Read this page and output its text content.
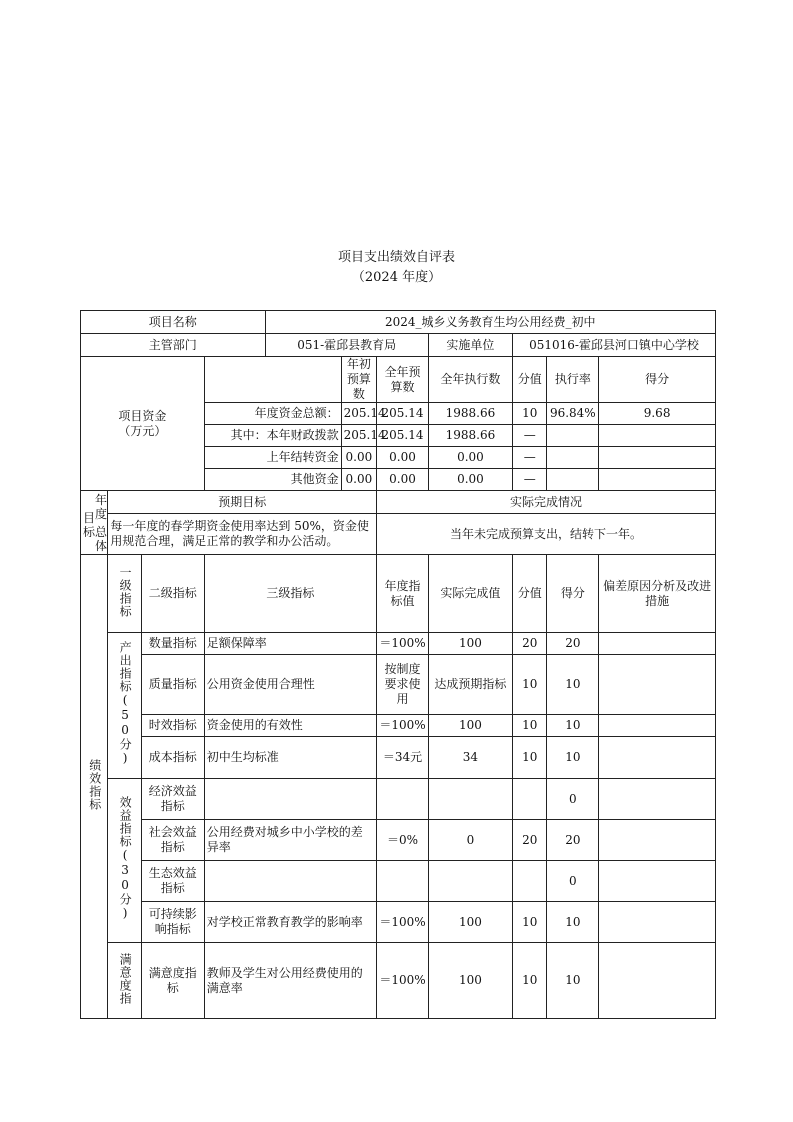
项目支出绩效自评表
（2024 年度）
项目名称				2024_城乡义务教育生均公用经费_初中						
主管部门				051-霍邱县教育局			实施单位	051016-霍邱县河口镇中心学校		
项目资金
（万元）					年初预算数	全年预算数	全年执行数	分值	执行率	得分
			年度资金总额：		205.14	205.14	1988.66	10	96.84%	9.68
			其中：本年财政拨款		205.14	205.14	1988.66	—		
			上年结转资金		0.00	0.00	0.00	—		
			其他资金		0.00	0.00	0.00	—		

目标
年度
总体	预期目标					实际完成情况				
	每一年度的春学期资金使用率达到 50%，资金使用规范合理，满足正常的教学和办公活动。					当年未完成预算支出，结转下一年。				
绩效指标	一级指标	二级指标	三级指标			年度指标值	实际完成值	分值	得分	偏差原因分析及改进措施
	产出指标(50分)	数量指标	足额保障率			＝100%	100	20	20	
		质量指标	公用资金使用合理性			按制度要求使用	达成预期指标	10	10	
		时效指标	资金使用的有效性			＝100%	100	10	10	
		成本指标	初中生均标准			＝34元	34	10	10	
	效益指标(30分)	经济效益指标							0	
		社会效益指标	公用经费对城乡中小学校的差异率			＝0%	0	20	20	
		生态效益指标							0	
		可持续影响指标	对学校正常教育教学的影响率			＝100%	100	10	10	
	满意度指	满意度指标	教师及学生对公用经费使用的满意率			＝100%	100	10	10	
